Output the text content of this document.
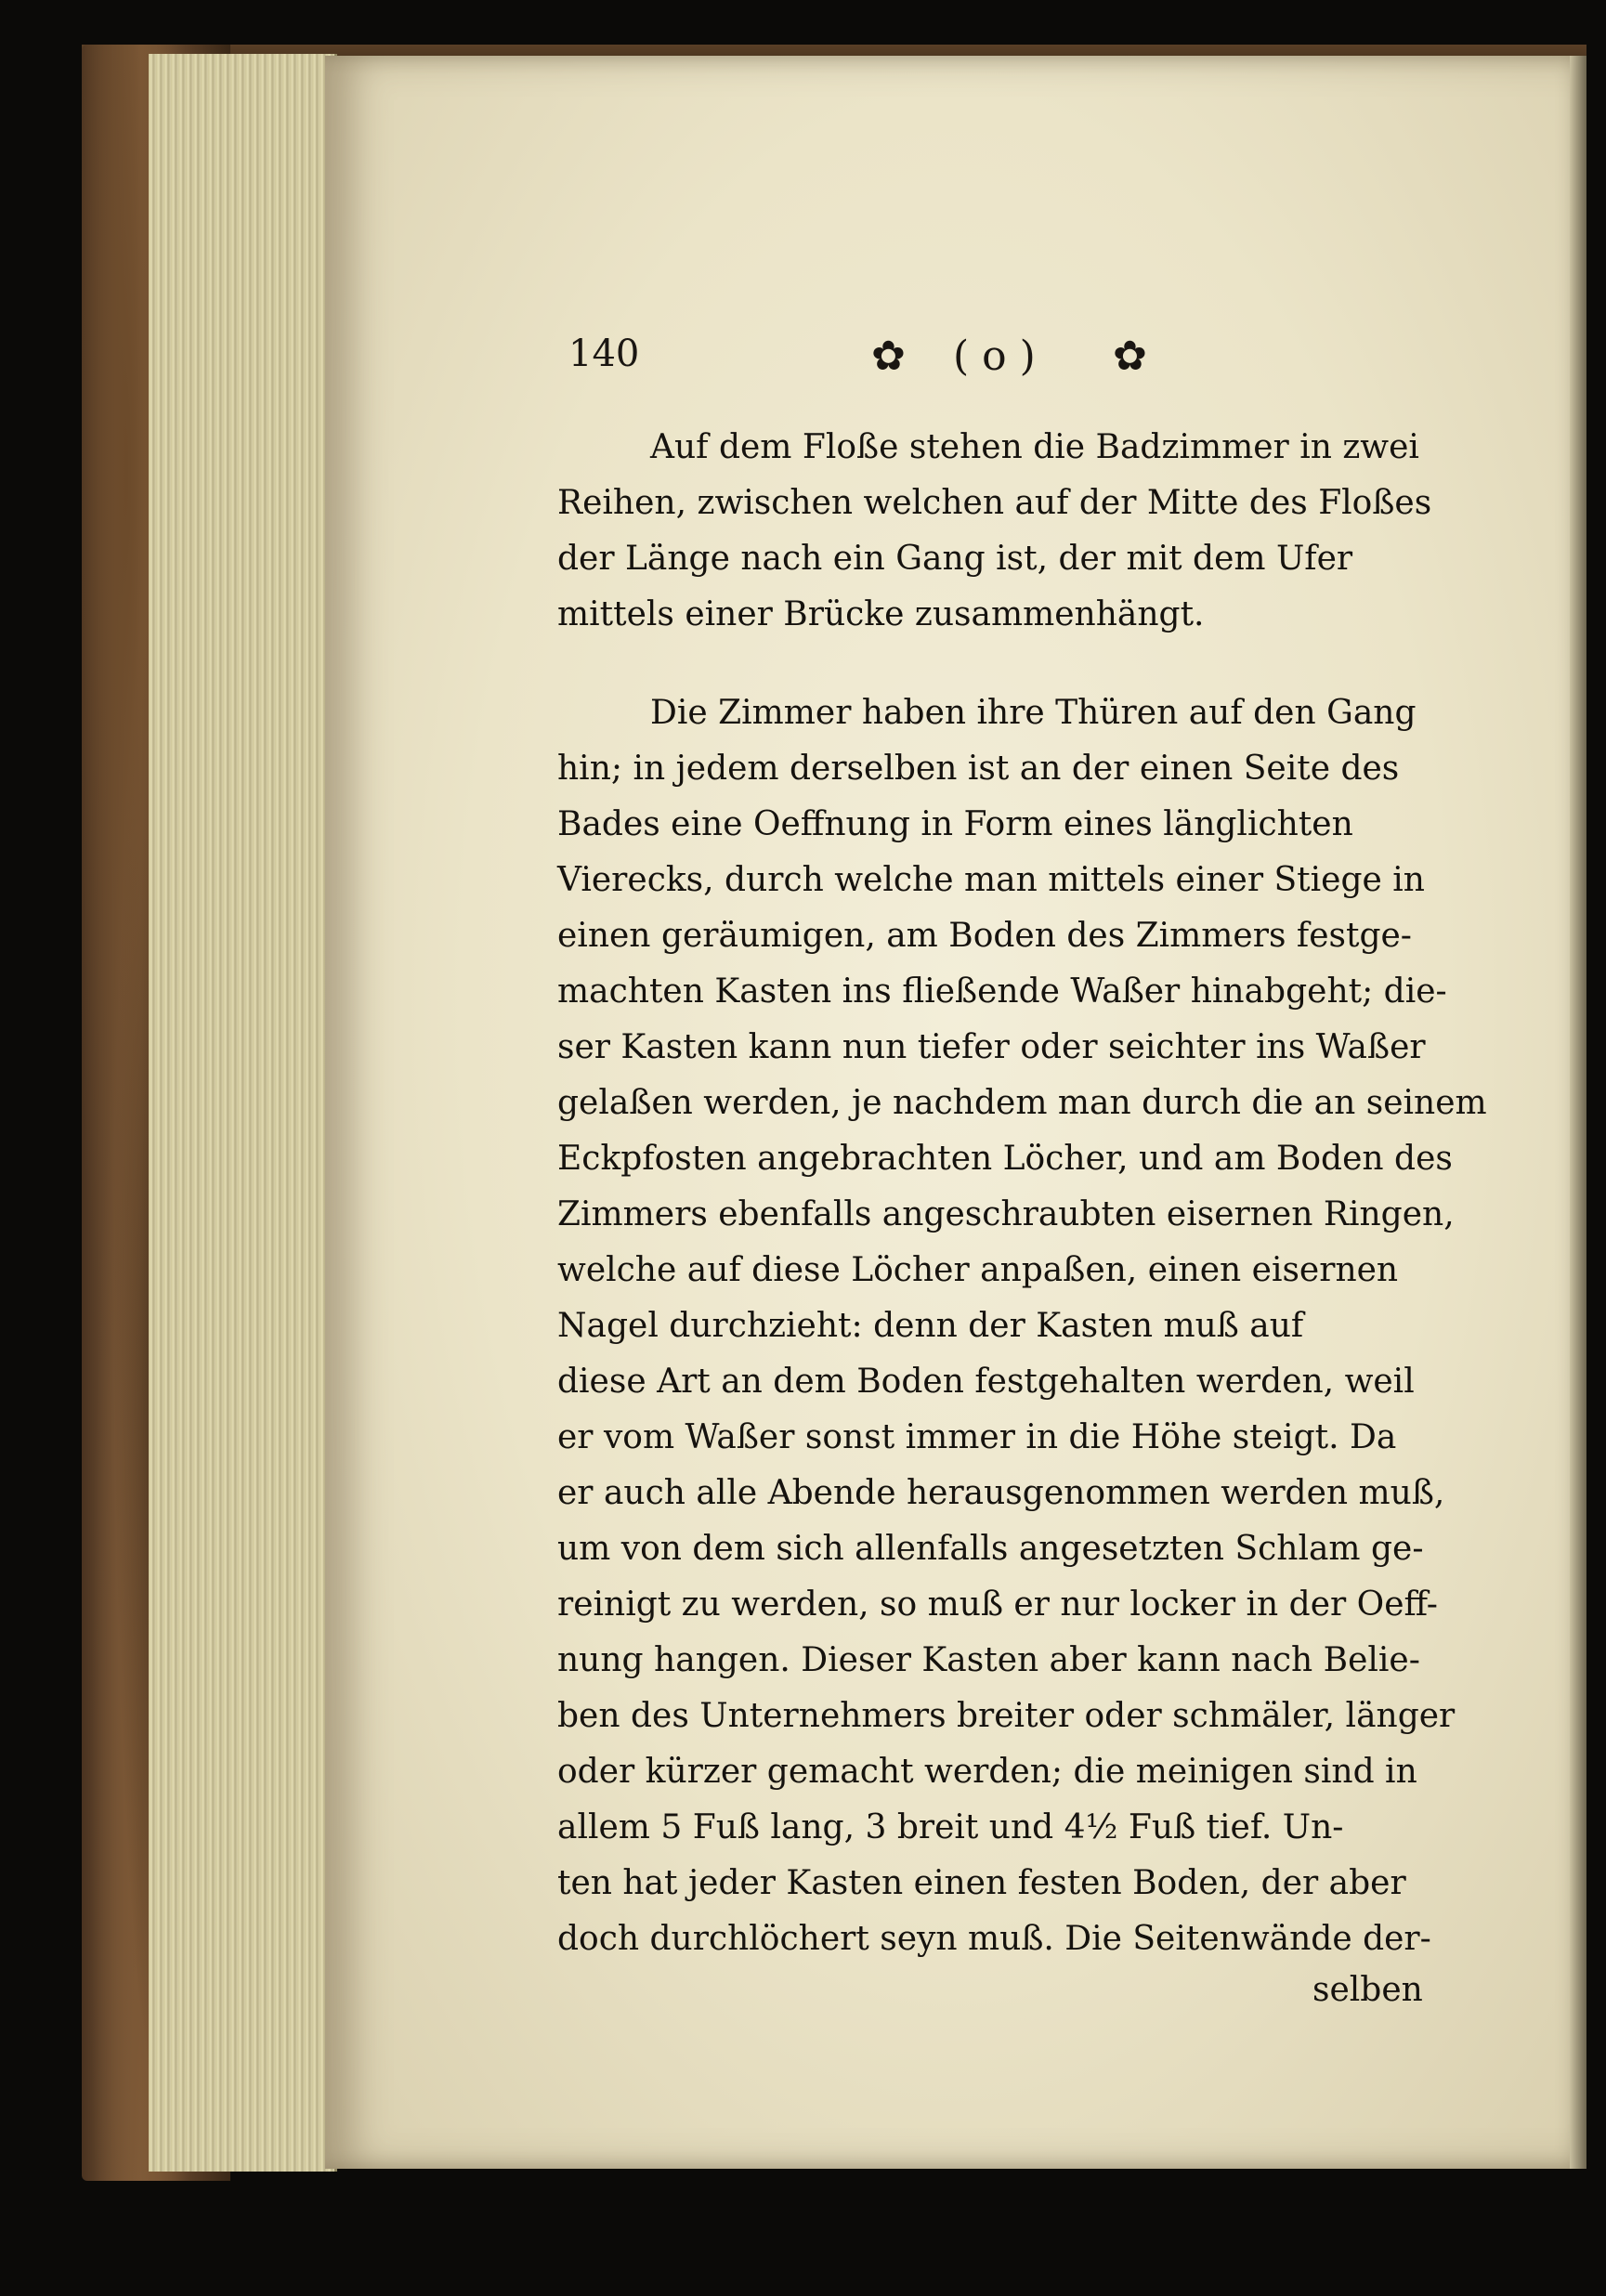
140	✿ ( o ) ✿
Auf dem Floße stehen die Badzimmer in zwei
Reihen, zwischen welchen auf der Mitte des Floßes
der Länge nach ein Gang ist, der mit dem Ufer
mittels einer Brücke zusammenhängt.
Die Zimmer haben ihre Thüren auf den Gang
hin; in jedem derselben ist an der einen Seite des
Bades eine Oeffnung in Form eines länglichten
Vierecks, durch welche man mittels einer Stiege in
einen geräumigen, am Boden des Zimmers festge-
machten Kasten ins fließende Waßer hinabgeht; die-
ser Kasten kann nun tiefer oder seichter ins Waßer
gelaßen werden, je nachdem man durch die an seinem
Eckpfosten angebrachten Löcher, und am Boden des
Zimmers ebenfalls angeschraubten eisernen Ringen,
welche auf diese Löcher anpaßen, einen eisernen
Nagel durchzieht: denn der Kasten muß auf
diese Art an dem Boden festgehalten werden, weil
er vom Waßer sonst immer in die Höhe steigt. Da
er auch alle Abende herausgenommen werden muß,
um von dem sich allenfalls angesetzten Schlam ge-
reinigt zu werden, so muß er nur locker in der Oeff-
nung hangen. Dieser Kasten aber kann nach Belie-
ben des Unternehmers breiter oder schmäler, länger
oder kürzer gemacht werden; die meinigen sind in
allem 5 Fuß lang, 3 breit und 4½ Fuß tief. Un-
ten hat jeder Kasten einen festen Boden, der aber
doch durchlöchert seyn muß. Die Seitenwände der-
selben
